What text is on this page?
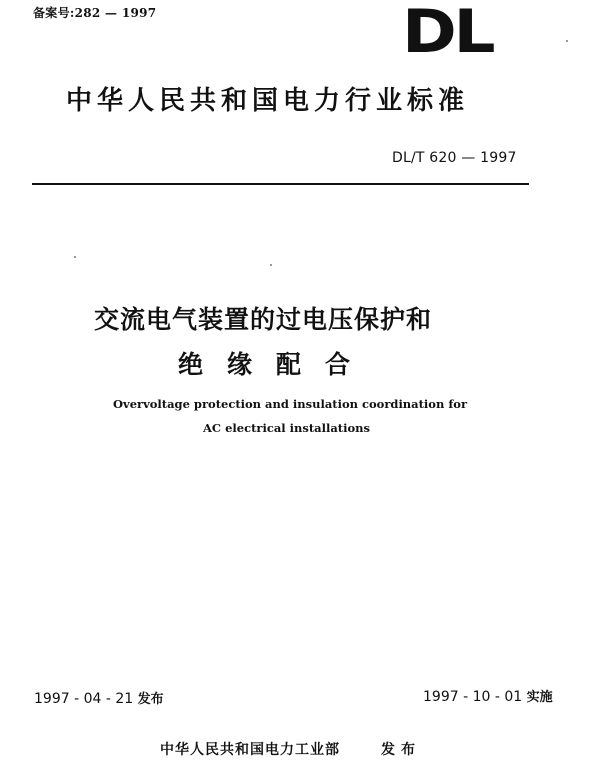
备案号:282 — 1997	DL
中华人民共和国电力行业标准
DL/T 620 — 1997
交流电气装置的过电压保护和
绝缘配合
Overvoltage protection and insulation coordination for
AC electrical installations
1997 - 04 - 21 发布	1997 - 10 - 01 实施
中华人民共和国电力工业部	发布
